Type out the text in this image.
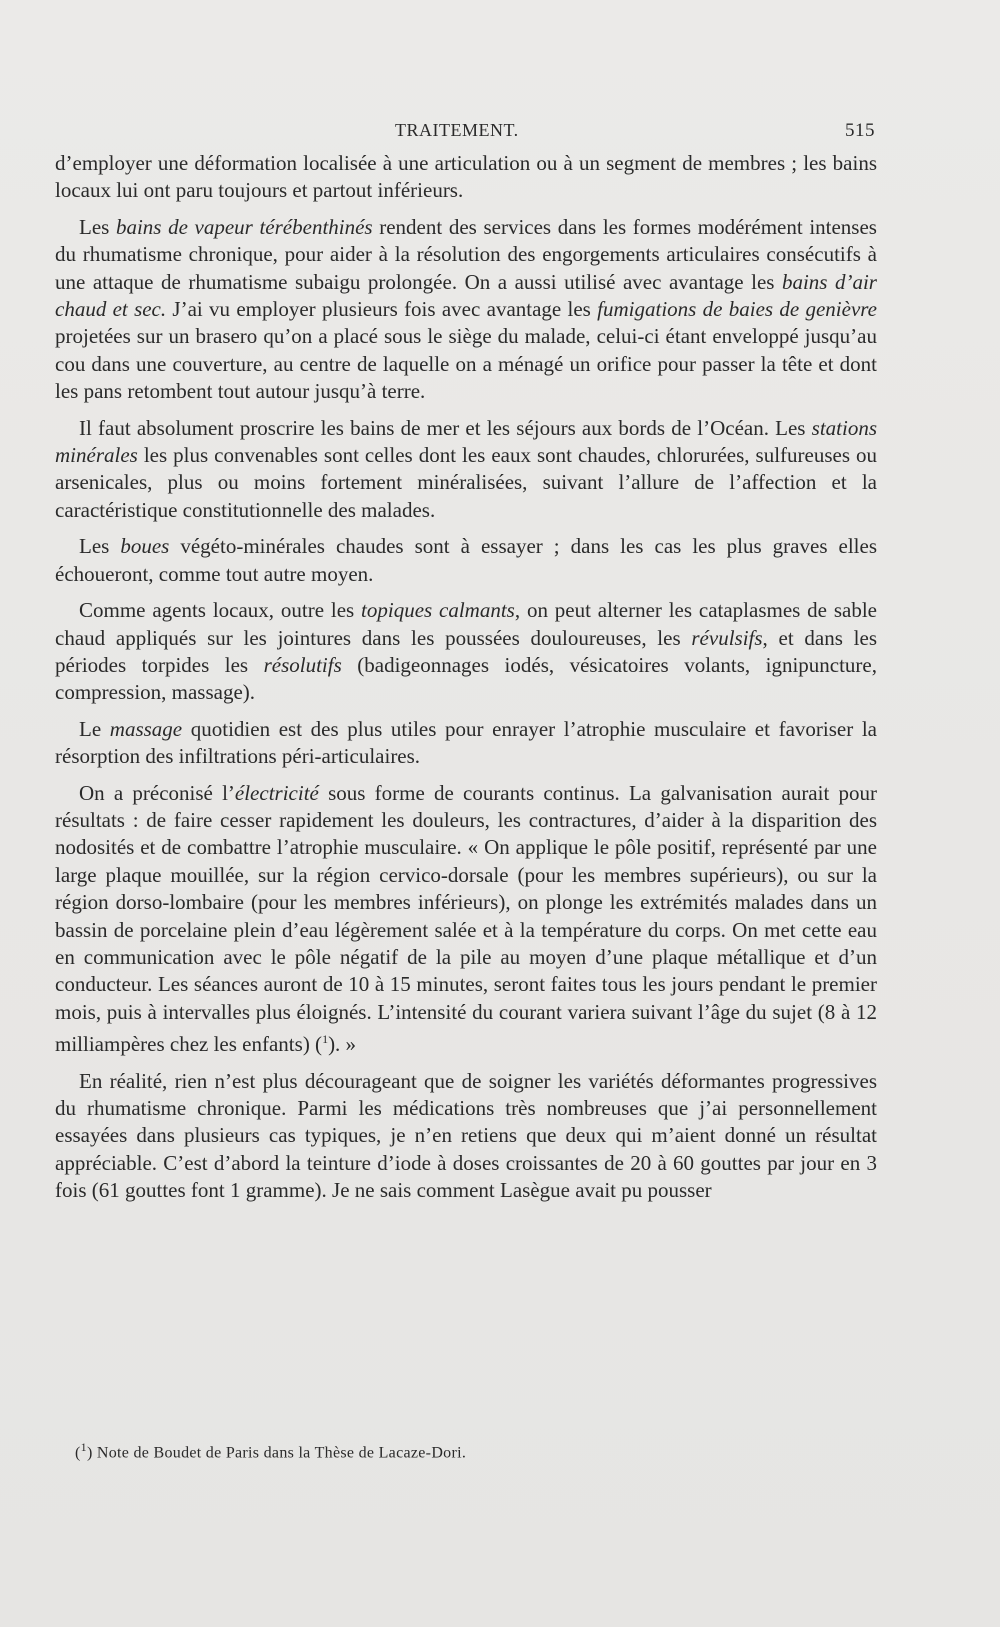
TRAITEMENT.	515

d’employer une déformation localisée à une articulation ou à un segment de membres ; les bains locaux lui ont paru toujours et partout inférieurs.

Les bains de vapeur térébenthinés rendent des services dans les formes modérément intenses du rhumatisme chronique, pour aider à la résolution des engorgements articulaires consécutifs à une attaque de rhumatisme subaigu prolongée. On a aussi utilisé avec avantage les bains d’air chaud et sec. J’ai vu employer plusieurs fois avec avantage les fumigations de baies de genièvre projetées sur un brasero qu’on a placé sous le siège du malade, celui-ci étant enveloppé jusqu’au cou dans une couverture, au centre de laquelle on a ménagé un orifice pour passer la tête et dont les pans retombent tout autour jusqu’à terre.

Il faut absolument proscrire les bains de mer et les séjours aux bords de l’Océan. Les stations minérales les plus convenables sont celles dont les eaux sont chaudes, chlorurées, sulfureuses ou arsenicales, plus ou moins fortement minéralisées, suivant l’allure de l’affection et la caractéristique constitutionnelle des malades.

Les boues végéto-minérales chaudes sont à essayer ; dans les cas les plus graves elles échoueront, comme tout autre moyen.

Comme agents locaux, outre les topiques calmants, on peut alterner les cataplasmes de sable chaud appliqués sur les jointures dans les poussées douloureuses, les révulsifs, et dans les périodes torpides les résolutifs (badigeonnages iodés, vésicatoires volants, ignipuncture, compression, massage).

Le massage quotidien est des plus utiles pour enrayer l’atrophie musculaire et favoriser la résorption des infiltrations péri-articulaires.

On a préconisé l’électricité sous forme de courants continus. La galvanisation aurait pour résultats : de faire cesser rapidement les douleurs, les contractures, d’aider à la disparition des nodosités et de combattre l’atrophie musculaire. « On applique le pôle positif, représenté par une large plaque mouillée, sur la région cervico-dorsale (pour les membres supérieurs), ou sur la région dorso-lombaire (pour les membres inférieurs), on plonge les extrémités malades dans un bassin de porcelaine plein d’eau légèrement salée et à la température du corps. On met cette eau en communication avec le pôle négatif de la pile au moyen d’une plaque métallique et d’un conducteur. Les séances auront de 10 à 15 minutes, seront faites tous les jours pendant le premier mois, puis à intervalles plus éloignés. L’intensité du courant variera suivant l’âge du sujet (8 à 12 milliampères chez les enfants) ($^1$). »

En réalité, rien n’est plus décourageant que de soigner les variétés déformantes progressives du rhumatisme chronique. Parmi les médications très nombreuses que j’ai personnellement essayées dans plusieurs cas typiques, je n’en retiens que deux qui m’aient donné un résultat appréciable. C’est d’abord la teinture d’iode à doses croissantes de 20 à 60 gouttes par jour en 3 fois (61 gouttes font 1 gramme). Je ne sais comment Lasègue avait pu pousser

($^1$) Note de Boudet de Paris dans la Thèse de Lacaze-Dori.
